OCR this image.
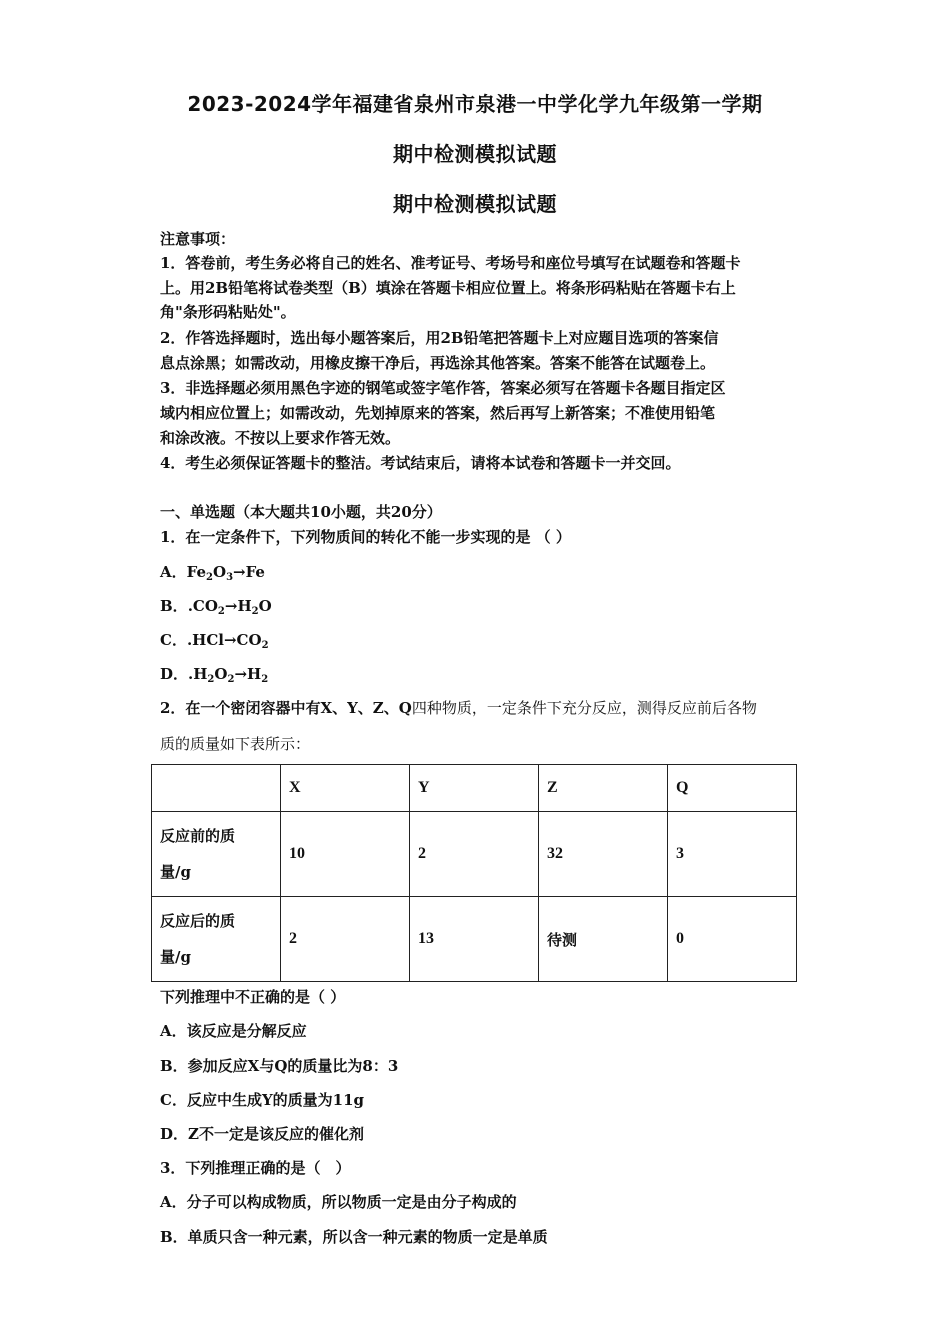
2023-2024学年福建省泉州市泉港一中学化学九年级第一学期
期中检测模拟试题
期中检测模拟试题
注意事项：
1．答卷前，考生务必将自己的姓名、准考证号、考场号和座位号填写在试题卷和答题卡
上。用2B铅笔将试卷类型（B）填涂在答题卡相应位置上。将条形码粘贴在答题卡右上
角"条形码粘贴处"。
2．作答选择题时，选出每小题答案后，用2B铅笔把答题卡上对应题目选项的答案信
息点涂黑；如需改动，用橡皮擦干净后，再选涂其他答案。答案不能答在试题卷上。
3．非选择题必须用黑色字迹的钢笔或签字笔作答，答案必须写在答题卡各题目指定区
域内相应位置上；如需改动，先划掉原来的答案，然后再写上新答案；不准使用铅笔
和涂改液。不按以上要求作答无效。
4．考生必须保证答题卡的整洁。考试结束后，请将本试卷和答题卡一并交回。
一、单选题（本大题共10小题，共20分）
1．在一定条件下，下列物质间的转化不能一步实现的是 （ ）
A．$Fe_2O_3\to Fe$
B．$.CO_2\to H_2O$
C．$.HCl\to CO_2$
D．$.H_2O_2\to H_2$
2．在一个密闭容器中有X、Y、Z、Q四种物质，一定条件下充分反应，测得反应前后各物
质的质量如下表所示：
	X	Y	Z	Q

反应前的质
量/g	10	2	32	3

反应后的质
量/g	2	13	待测	0
下列推理中不正确的是（ ）
A．该反应是分解反应
B．参加反应X与Q的质量比为8：3
C．反应中生成Y的质量为11g
D．Z不一定是该反应的催化剂
3．下列推理正确的是（　）
A．分子可以构成物质，所以物质一定是由分子构成的
B．单质只含一种元素，所以含一种元素的物质一定是单质
